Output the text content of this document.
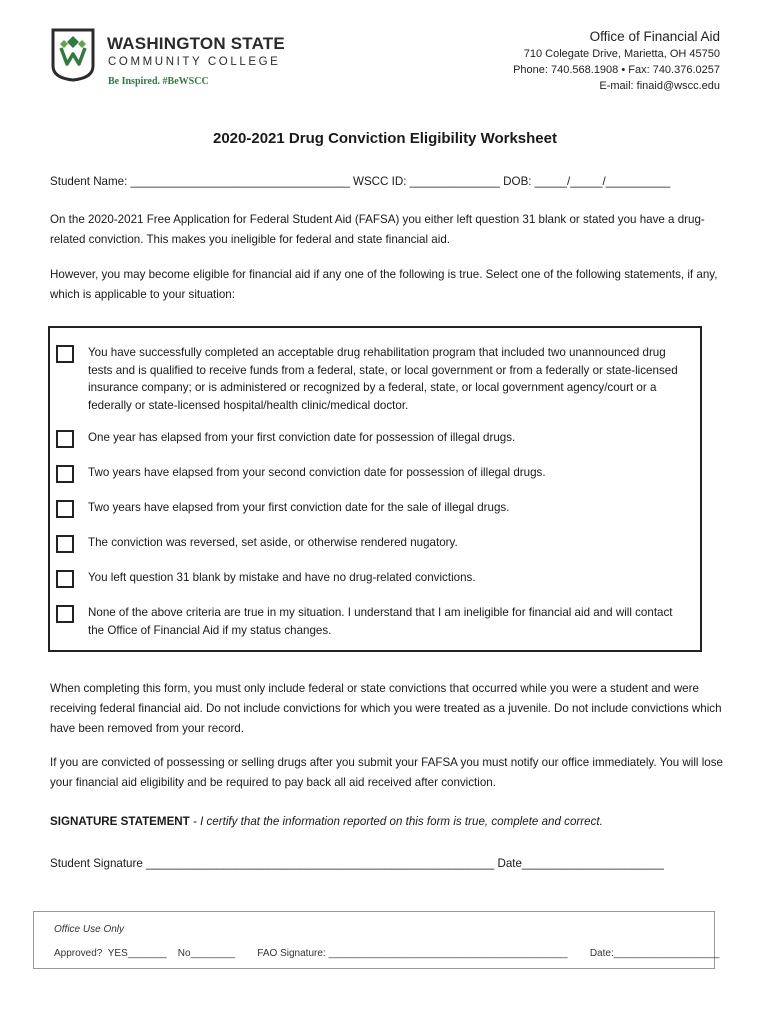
WASHINGTON STATE
COMMUNITY COLLEGE
Be Inspired. #BeWSCC
Office of Financial Aid
710 Colegate Drive, Marietta, OH 45750
Phone: 740.568.1908 • Fax: 740.376.0257
E-mail: finaid@wscc.edu
2020-2021 Drug Conviction Eligibility Worksheet
Student Name: __________________________________ WSCC ID: ______________ DOB: _____/_____/__________
On the 2020-2021 Free Application for Federal Student Aid (FAFSA) you either left question 31 blank or stated you have a drug-related conviction. This makes you ineligible for federal and state financial aid.
However, you may become eligible for financial aid if any one of the following is true. Select one of the following statements, if any, which is applicable to your situation:
You have successfully completed an acceptable drug rehabilitation program that included two unannounced drug tests and is qualified to receive funds from a federal, state, or local government or from a federally or state-licensed insurance company; or is administered or recognized by a federal, state, or local government agency/court or a federally or state-licensed hospital/health clinic/medical doctor.
One year has elapsed from your first conviction date for possession of illegal drugs.
Two years have elapsed from your second conviction date for possession of illegal drugs.
Two years have elapsed from your first conviction date for the sale of illegal drugs.
The conviction was reversed, set aside, or otherwise rendered nugatory.
You left question 31 blank by mistake and have no drug-related convictions.
None of the above criteria are true in my situation. I understand that I am ineligible for financial aid and will contact the Office of Financial Aid if my status changes.
When completing this form, you must only include federal or state convictions that occurred while you were a student and were receiving federal financial aid. Do not include convictions for which you were treated as a juvenile. Do not include convictions which have been removed from your record.
If you are convicted of possessing or selling drugs after you submit your FAFSA you must notify our office immediately. You will lose your financial aid eligibility and be required to pay back all aid received after conviction.
SIGNATURE STATEMENT - I certify that the information reported on this form is true, complete and correct.
Student Signature ______________________________________________________ Date______________________
Office Use Only
Approved?  YES_______    No________        FAO Signature: ___________________________________________        Date:___________________
